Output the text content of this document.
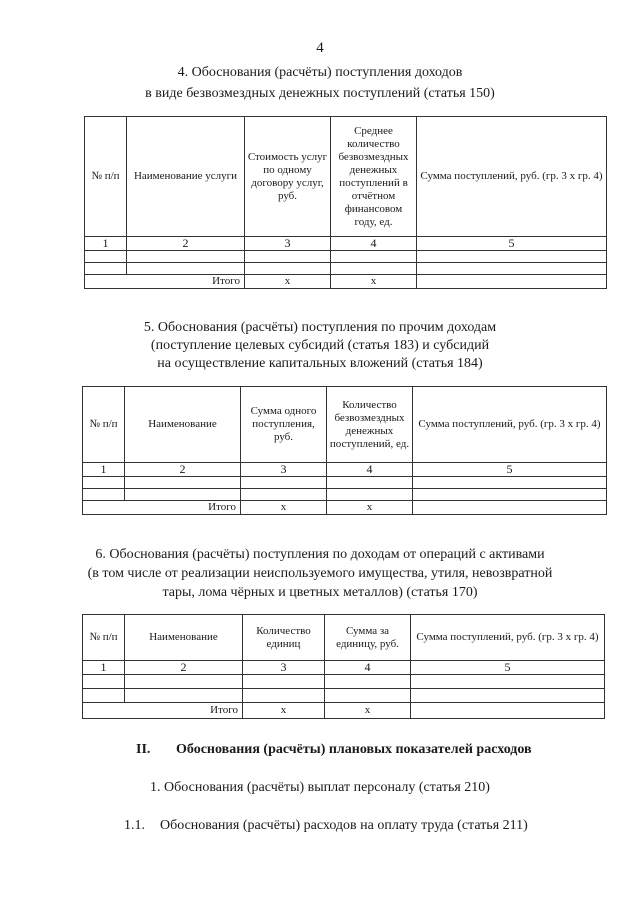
4
4. Обоснования (расчёты) поступления доходов
в виде безвозмездных денежных поступлений (статья 150)
№ п/п	Наименование услуги	Стоимость услуг по одному договору услуг, руб.	Среднее количество безвозмездных денежных поступлений в отчётном финансовом году, ед.	Сумма поступлений, руб. (гр. 3 х гр. 4)
1	2	3	4	5

Итого		х	х	
5. Обоснования (расчёты) поступления по прочим доходам
(поступление целевых субсидий (статья 183) и субсидий
на осуществление капитальных вложений (статья 184)
№ п/п	Наименование	Сумма одного поступления, руб.	Количество безвозмездных денежных поступлений, ед.	Сумма поступлений, руб. (гр. 3 х гр. 4)
1	2	3	4	5

Итого		х	х	
6. Обоснования (расчёты) поступления по доходам от операций с активами
(в том числе от реализации неиспользуемого имущества, утиля, невозвратной
тары, лома чёрных и цветных металлов) (статья 170)
№ п/п	Наименование	Количество единиц	Сумма за единицу, руб.	Сумма поступлений, руб. (гр. 3 х гр. 4)
1	2	3	4	5

Итого		х	х	
II. Обоснования (расчёты) плановых показателей расходов
1. Обоснования (расчёты) выплат персоналу (статья 210)
1.1. Обоснования (расчёты) расходов на оплату труда (статья 211)
